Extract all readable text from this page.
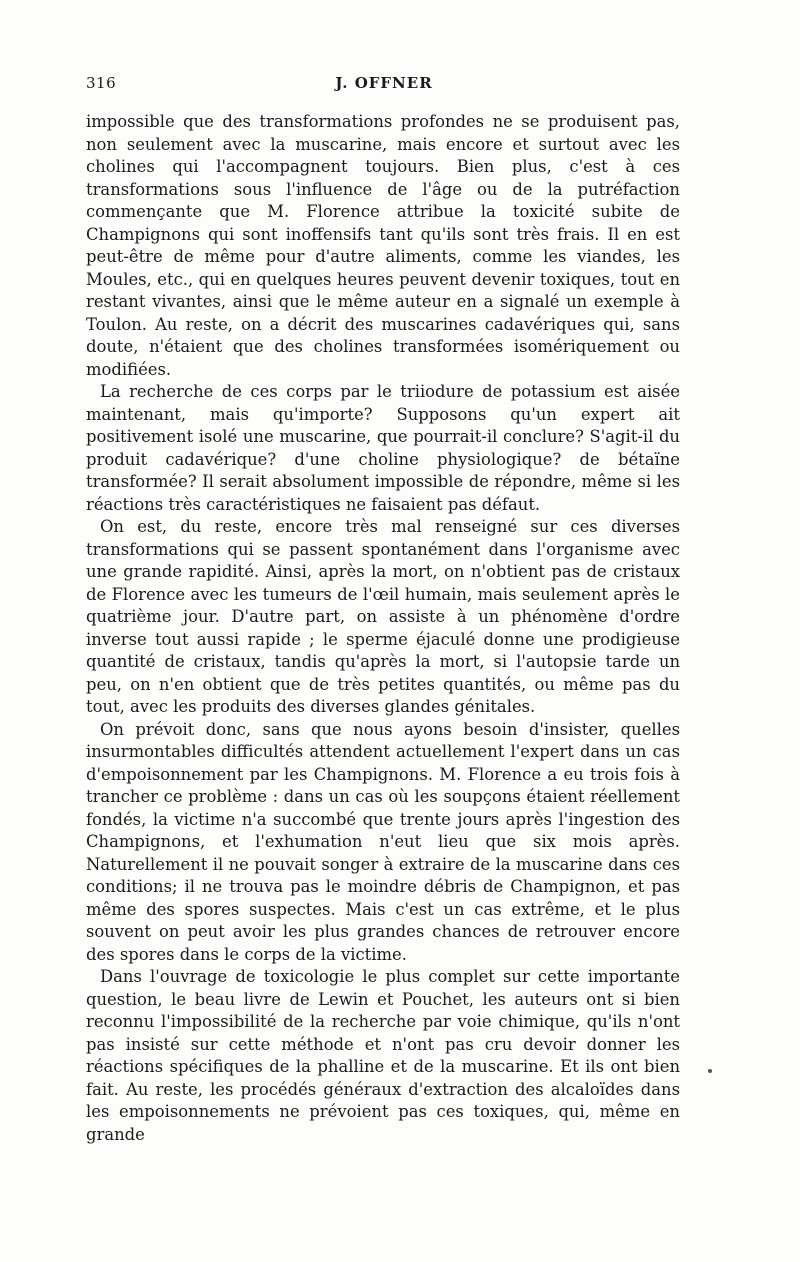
316	J. OFFNER

impossible que des transformations profondes ne se produisent pas, non seulement avec la muscarine, mais encore et surtout avec les cholines qui l'accompagnent toujours. Bien plus, c'est à ces transformations sous l'influence de l'âge ou de la putréfaction commençante que M. Florence attribue la toxicité subite de Champignons qui sont inoffensifs tant qu'ils sont très frais. Il en est peut-être de même pour d'autre aliments, comme les viandes, les Moules, etc., qui en quelques heures peuvent devenir toxiques, tout en restant vivantes, ainsi que le même auteur en a signalé un exemple à Toulon. Au reste, on a décrit des muscarines cadavériques qui, sans doute, n'étaient que des cholines transformées isomériquement ou modifiées.

La recherche de ces corps par le triiodure de potassium est aisée maintenant, mais qu'importe? Supposons qu'un expert ait positivement isolé une muscarine, que pourrait-il conclure? S'agit-il du produit cadavérique? d'une choline physiologique? de bétaïne transformée? Il serait absolument impossible de répondre, même si les réactions très caractéristiques ne faisaient pas défaut.

On est, du reste, encore très mal renseigné sur ces diverses transformations qui se passent spontanément dans l'organisme avec une grande rapidité. Ainsi, après la mort, on n'obtient pas de cristaux de Florence avec les tumeurs de l'œil humain, mais seulement après le quatrième jour. D'autre part, on assiste à un phénomène d'ordre inverse tout aussi rapide ; le sperme éjaculé donne une prodigieuse quantité de cristaux, tandis qu'après la mort, si l'autopsie tarde un peu, on n'en obtient que de très petites quantités, ou même pas du tout, avec les produits des diverses glandes génitales.

On prévoit donc, sans que nous ayons besoin d'insister, quelles insurmontables difficultés attendent actuellement l'expert dans un cas d'empoisonnement par les Champignons. M. Florence a eu trois fois à trancher ce problème : dans un cas où les soupçons étaient réellement fondés, la victime n'a succombé que trente jours après l'ingestion des Champignons, et l'exhumation n'eut lieu que six mois après. Naturellement il ne pouvait songer à extraire de la muscarine dans ces conditions; il ne trouva pas le moindre débris de Champignon, et pas même des spores suspectes. Mais c'est un cas extrême, et le plus souvent on peut avoir les plus grandes chances de retrouver encore des spores dans le corps de la victime.

Dans l'ouvrage de toxicologie le plus complet sur cette importante question, le beau livre de Lewin et Pouchet, les auteurs ont si bien reconnu l'impossibilité de la recherche par voie chimique, qu'ils n'ont pas insisté sur cette méthode et n'ont pas cru devoir donner les réactions spécifiques de la phalline et de la muscarine. Et ils ont bien fait. Au reste, les procédés généraux d'extraction des alcaloïdes dans les empoisonnements ne prévoient pas ces toxiques, qui, même en grande
